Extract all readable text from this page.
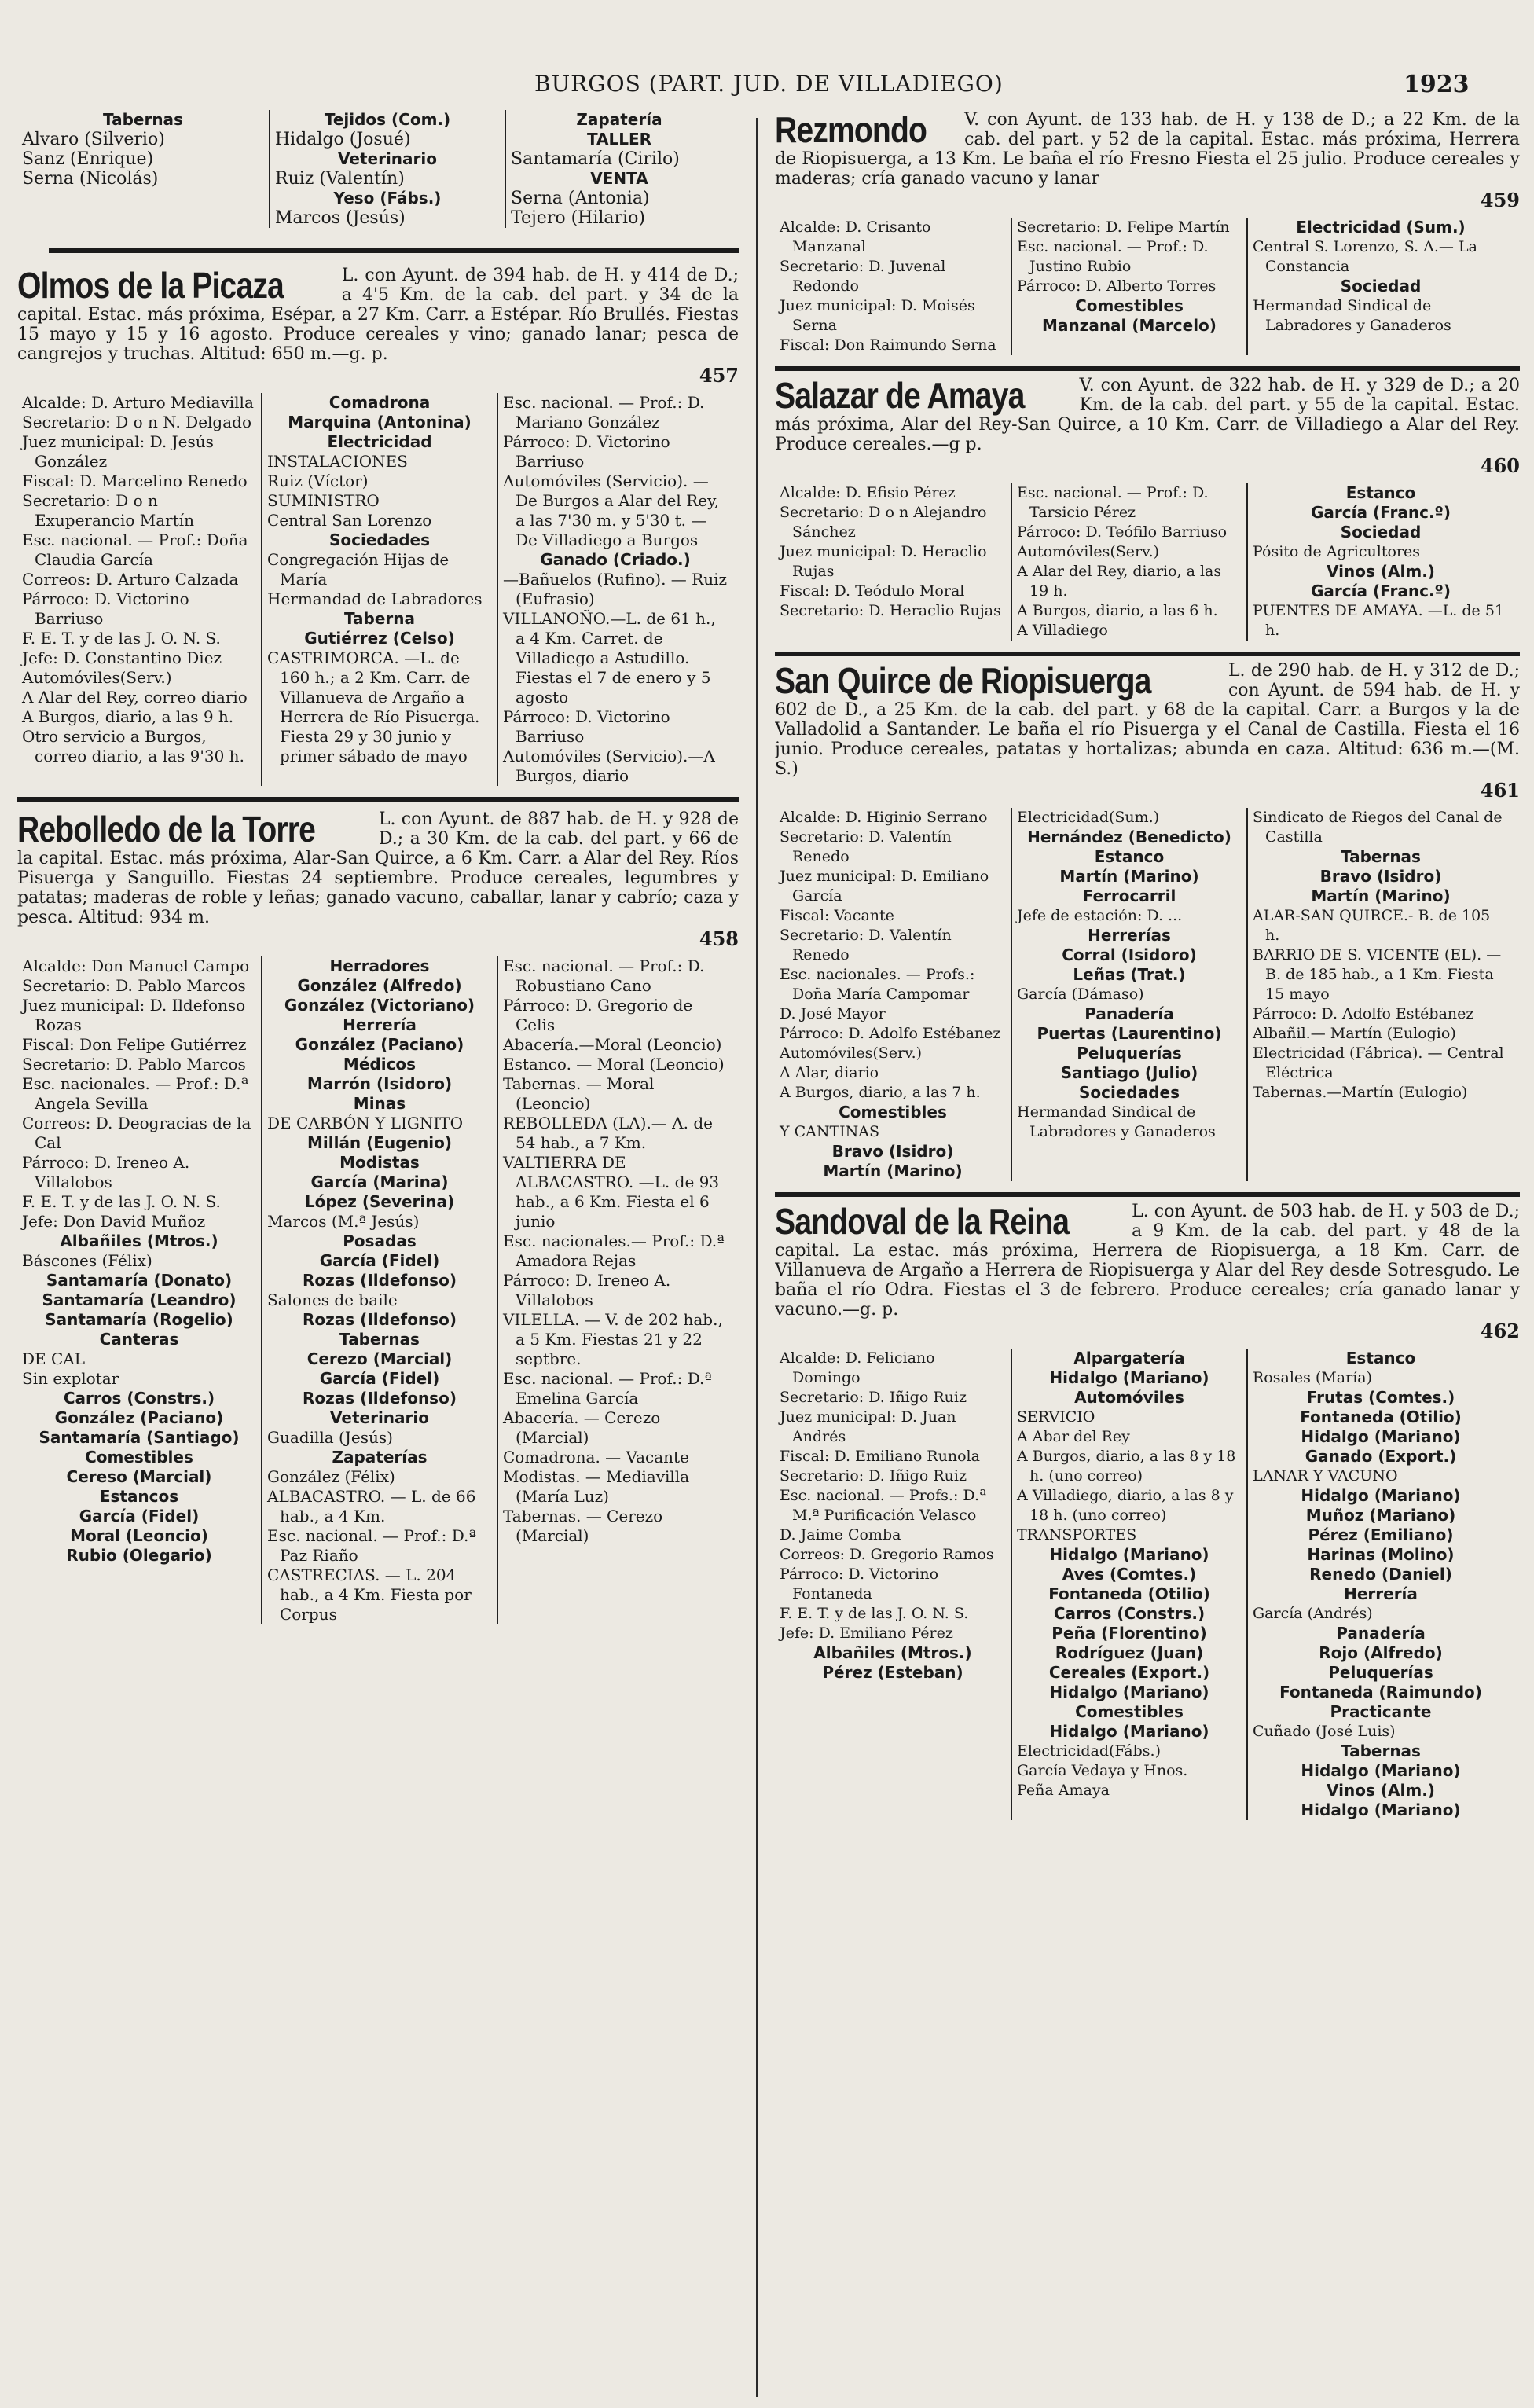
BURGOS (PART. JUD. DE VILLADIEGO)	1923
Tabernas
Alvaro (Silverio)
Sanz (Enrique)
Serna (Nicolás)
Tejidos (Com.)
Hidalgo (Josué)
Veterinario
Ruiz (Valentín)
Yeso (Fábs.)
Marcos (Jesús)
Zapatería
TALLER
Santamaría (Cirilo)
VENTA
Serna (Antonia)
Tejero (Hilario)
Olmos de la Picaza	L. con Ayunt. de 394 hab. de H. y 414 de D.; a 4'5 Km. de la cab. del part. y 34 de la capital. Estac. más próxima, Esépar, a 27 Km. Carr. a Estépar. Río Brullés. Fiestas 15 mayo y 15 y 16 agosto. Produce cereales y vino; ganado lanar; pesca de cangrejos y truchas. Altitud: 650 m.—g. p.
457
Alcalde: D. Arturo Mediavilla
Secretario: D o n N. Delgado
Juez municipal: D. Jesús González
Fiscal: D. Marcelino Renedo
Secretario: D o n Exuperancio Martín
Esc. nacional. — Prof.: Doña Claudia García
Correos: D. Arturo Calzada
Párroco: D. Victorino Barriuso
F. E. T. y de las J. O. N. S.
Jefe: D. Constantino Diez
Automóviles(Serv.)
A Alar del Rey, correo diario
A Burgos, diario, a las 9 h.
Otro servicio a Burgos, correo diario, a las 9'30 h.
Comadrona
Marquina (Antonina)
Electricidad
INSTALACIONES
Ruiz (Víctor)
SUMINISTRO
Central San Lorenzo
Sociedades
Congregación Hijas de María
Hermandad de Labradores
Taberna
Gutiérrez (Celso)
CASTRIMORCA. —L. de 160 h.; a 2 Km. Carr. de Villanueva de Argaño a Herrera de Río Pisuerga. Fiesta 29 y 30 junio y primer sábado de mayo
Esc. nacional. — Prof.: D. Mariano González
Párroco: D. Victorino Barriuso
Automóviles (Servicio). — De Burgos a Alar del Rey, a las 7'30 m. y 5'30 t. — De Villadiego a Burgos
Ganado (Criado.)
—Bañuelos (Rufino). — Ruiz (Eufrasio)
VILLANOÑO.—L. de 61 h., a 4 Km. Carret. de Villadiego a Astudillo. Fiestas el 7 de enero y 5 agosto
Párroco: D. Victorino Barriuso
Automóviles (Servicio).—A Burgos, diario
Rebolledo de la Torre	L. con Ayunt. de 887 hab. de H. y 928 de D.; a 30 Km. de la cab. del part. y 66 de la capital. Estac. más próxima, Alar-San Quirce, a 6 Km. Carr. a Alar del Rey. Ríos Pisuerga y Sanguillo. Fiestas 24 septiembre. Produce cereales, legumbres y patatas; maderas de roble y leñas; ganado vacuno, caballar, lanar y cabrío; caza y pesca. Altitud: 934 m.
458
Alcalde: Don Manuel Campo
Secretario: D. Pablo Marcos
Juez municipal: D. Ildefonso Rozas
Fiscal: Don Felipe Gutiérrez
Secretario: D. Pablo Marcos
Esc. nacionales. — Prof.: D.ª Angela Sevilla
Correos: D. Deogracias de la Cal
Párroco: D. Ireneo A. Villalobos
F. E. T. y de las J. O. N. S.
Jefe: Don David Muñoz
Albañiles (Mtros.)
Báscones (Félix)
Santamaría (Donato)
Santamaría (Leandro)
Santamaría (Rogelio)
Canteras
DE CAL
Sin explotar
Carros (Constrs.)
González (Paciano)
Santamaría (Santiago)
Comestibles
Cereso (Marcial)
Estancos
García (Fidel)
Moral (Leoncio)
Rubio (Olegario)
Herradores
González (Alfredo)
González (Victoriano)
Herrería
González (Paciano)
Médicos
Marrón (Isidoro)
Minas
DE CARBÓN Y LIGNITO
Millán (Eugenio)
Modistas
García (Marina)
López (Severina)
Marcos (M.ª Jesús)
Posadas
García (Fidel)
Rozas (Ildefonso)
Salones de baile
Rozas (Ildefonso)
Tabernas
Cerezo (Marcial)
García (Fidel)
Rozas (Ildefonso)
Veterinario
Guadilla (Jesús)
Zapaterías
González (Félix)
ALBACASTRO. — L. de 66 hab., a 4 Km.
Esc. nacional. — Prof.: D.ª Paz Riaño
CASTRECIAS. — L. 204 hab., a 4 Km. Fiesta por Corpus
Esc. nacional. — Prof.: D. Robustiano Cano
Párroco: D. Gregorio de Celis
Abacería.—Moral (Leoncio)
Estanco. — Moral (Leoncio)
Tabernas. — Moral (Leoncio)
REBOLLEDA (LA).— A. de 54 hab., a 7 Km.
VALTIERRA DE ALBACASTRO. —L. de 93 hab., a 6 Km. Fiesta el 6 junio
Esc. nacionales.— Prof.: D.ª Amadora Rejas
Párroco: D. Ireneo A. Villalobos
VILELLA. — V. de 202 hab., a 5 Km. Fiestas 21 y 22 septbre.
Esc. nacional. — Prof.: D.ª Emelina García
Abacería. — Cerezo (Marcial)
Comadrona. — Vacante
Modistas. — Mediavilla (María Luz)
Tabernas. — Cerezo (Marcial)
Rezmondo	V. con Ayunt. de 133 hab. de H. y 138 de D.; a 22 Km. de la cab. del part. y 52 de la capital. Estac. más próxima, Herrera de Riopisuerga, a 13 Km. Le baña el río Fresno Fiesta el 25 julio. Produce cereales y maderas; cría ganado vacuno y lanar
459
Alcalde: D. Crisanto Manzanal
Secretario: D. Juvenal Redondo
Juez municipal: D. Moisés Serna
Fiscal: Don Raimundo Serna
Secretario: D. Felipe Martín
Esc. nacional. — Prof.: D. Justino Rubio
Párroco: D. Alberto Torres
Comestibles
Manzanal (Marcelo)
Electricidad (Sum.)
Central S. Lorenzo, S. A.— La Constancia
Sociedad
Hermandad Sindical de Labradores y Ganaderos
Salazar de Amaya	V. con Ayunt. de 322 hab. de H. y 329 de D.; a 20 Km. de la cab. del part. y 55 de la capital. Estac. más próxima, Alar del Rey-San Quirce, a 10 Km. Carr. de Villadiego a Alar del Rey. Produce cereales.—g p.
460
Alcalde: D. Efisio Pérez
Secretario: D o n Alejandro Sánchez
Juez municipal: D. Heraclio Rujas
Fiscal: D. Teódulo Moral
Secretario: D. Heraclio Rujas
Esc. nacional. — Prof.: D. Tarsicio Pérez
Párroco: D. Teófilo Barriuso
Automóviles(Serv.)
A Alar del Rey, diario, a las 19 h.
A Burgos, diario, a las 6 h.
A Villadiego
Estanco
García (Franc.º)
Sociedad
Pósito de Agricultores
Vinos (Alm.)
García (Franc.º)
PUENTES DE AMAYA. —L. de 51 h.
San Quirce de Riopisuerga	L. de 290 hab. de H. y 312 de D.; con Ayunt. de 594 hab. de H. y 602 de D., a 25 Km. de la cab. del part. y 68 de la capital. Carr. a Burgos y la de Valladolid a Santander. Le baña el río Pisuerga y el Canal de Castilla. Fiesta el 16 junio. Produce cereales, patatas y hortalizas; abunda en caza. Altitud: 636 m.—(M. S.)
461
Alcalde: D. Higinio Serrano
Secretario: D. Valentín Renedo
Juez municipal: D. Emiliano García
Fiscal: Vacante
Secretario: D. Valentín Renedo
Esc. nacionales. — Profs.: Doña María Campomar
D. José Mayor
Párroco: D. Adolfo Estébanez
Automóviles(Serv.)
A Alar, diario
A Burgos, diario, a las 7 h.
Comestibles
Y CANTINAS
Bravo (Isidro)
Martín (Marino)
Electricidad(Sum.)
Hernández (Benedicto)
Estanco
Martín (Marino)
Ferrocarril
Jefe de estación: D. ...
Herrerías
Corral (Isidoro)
Leñas (Trat.)
García (Dámaso)
Panadería
Puertas (Laurentino)
Peluquerías
Santiago (Julio)
Sociedades
Hermandad Sindical de Labradores y Ganaderos
Sindicato de Riegos del Canal de Castilla
Tabernas
Bravo (Isidro)
Martín (Marino)
ALAR-SAN QUIRCE.- B. de 105 h.
BARRIO DE S. VICENTE (EL). — B. de 185 hab., a 1 Km. Fiesta 15 mayo
Párroco: D. Adolfo Estébanez
Albañil.— Martín (Eulogio)
Electricidad (Fábrica). — Central Eléctrica
Tabernas.—Martín (Eulogio)
Sandoval de la Reina	L. con Ayunt. de 503 hab. de H. y 503 de D.; a 9 Km. de la cab. del part. y 48 de la capital. La estac. más próxima, Herrera de Riopisuerga, a 18 Km. Carr. de Villanueva de Argaño a Herrera de Riopisuerga y Alar del Rey desde Sotresgudo. Le baña el río Odra. Fiestas el 3 de febrero. Produce cereales; cría ganado lanar y vacuno.—g. p.
462
Alcalde: D. Feliciano Domingo
Secretario: D. Iñigo Ruiz
Juez municipal: D. Juan Andrés
Fiscal: D. Emiliano Runola
Secretario: D. Iñigo Ruiz
Esc. nacional. — Profs.: D.ª M.ª Purificación Velasco
D. Jaime Comba
Correos: D. Gregorio Ramos
Párroco: D. Victorino Fontaneda
F. E. T. y de las J. O. N. S.
Jefe: D. Emiliano Pérez
Albañiles (Mtros.)
Pérez (Esteban)
Alpargatería
Hidalgo (Mariano)
Automóviles
SERVICIO
A Abar del Rey
A Burgos, diario, a las 8 y 18 h. (uno correo)
A Villadiego, diario, a las 8 y 18 h. (uno correo)
TRANSPORTES
Hidalgo (Mariano)
Aves (Comtes.)
Fontaneda (Otilio)
Carros (Constrs.)
Peña (Florentino)
Rodríguez (Juan)
Cereales (Export.)
Hidalgo (Mariano)
Comestibles
Hidalgo (Mariano)
Electricidad(Fábs.)
García Vedaya y Hnos.
Peña Amaya
Estanco
Rosales (María)
Frutas (Comtes.)
Fontaneda (Otilio)
Hidalgo (Mariano)
Ganado (Export.)
LANAR Y VACUNO
Hidalgo (Mariano)
Muñoz (Mariano)
Pérez (Emiliano)
Harinas (Molino)
Renedo (Daniel)
Herrería
García (Andrés)
Panadería
Rojo (Alfredo)
Peluquerías
Fontaneda (Raimundo)
Practicante
Cuñado (José Luis)
Tabernas
Hidalgo (Mariano)
Vinos (Alm.)
Hidalgo (Mariano)
